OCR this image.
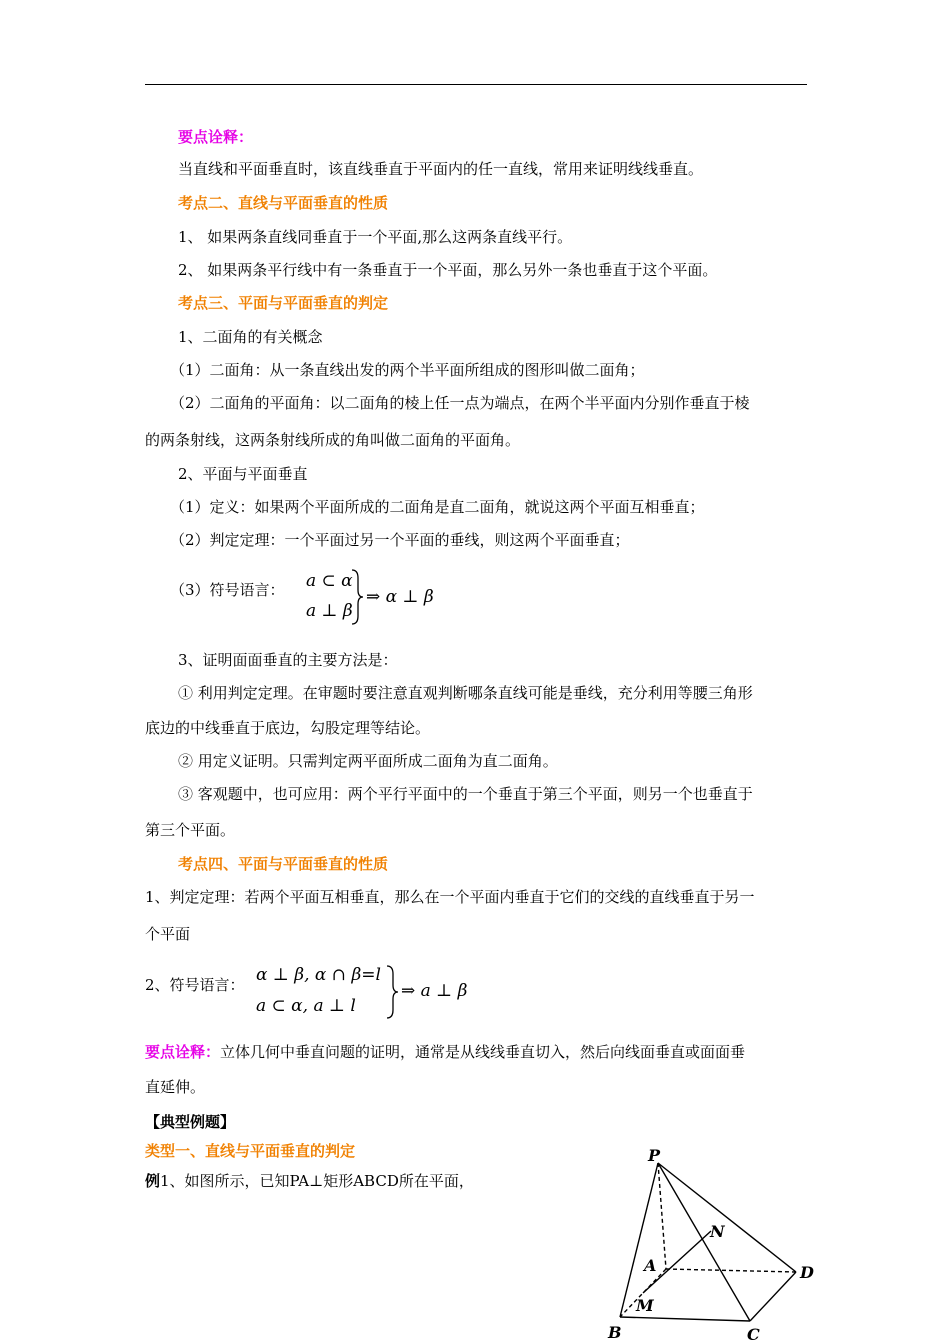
要点诠释：
当直线和平面垂直时，该直线垂直于平面内的任一直线，常用来证明线线垂直。
考点二、直线与平面垂直的性质
1、 如果两条直线同垂直于一个平面,那么这两条直线平行。
2、 如果两条平行线中有一条垂直于一个平面，那么另外一条也垂直于这个平面。
考点三、平面与平面垂直的判定
1、二面角的有关概念
（1）二面角：从一条直线出发的两个半平面所组成的图形叫做二面角；
（2）二面角的平面角：以二面角的棱上任一点为端点，在两个半平面内分别作垂直于棱
的两条射线，这两条射线所成的角叫做二面角的平面角。
2、平面与平面垂直
（1）定义：如果两个平面所成的二面角是直二面角，就说这两个平面互相垂直；
（2）判定定理：一个平面过另一个平面的垂线，则这两个平面垂直；
（3）符号语言： a ⊂ α
a ⊥ β
⇒ α ⊥ β
3、证明面面垂直的主要方法是：
① 利用判定定理。在审题时要注意直观判断哪条直线可能是垂线，充分利用等腰三角形
底边的中线垂直于底边，勾股定理等结论。
② 用定义证明。只需判定两平面所成二面角为直二面角。
③ 客观题中，也可应用：两个平行平面中的一个垂直于第三个平面，则另一个也垂直于
第三个平面。
考点四、平面与平面垂直的性质
1、判定定理：若两个平面互相垂直，那么在一个平面内垂直于它们的交线的直线垂直于另一
个平面
2、符号语言： α ⊥ β, α ∩ β=l
a ⊂ α, a ⊥ l
⇒ a ⊥ β
要点诠释：立体几何中垂直问题的证明，通常是从线线垂直切入，然后向线面垂直或面面垂
直延伸。
【典型例题】
类型一、直线与平面垂直的判定
例1、如图所示，已知PA⊥矩形ABCD所在平面，
P
N
A	D
M
B	C
